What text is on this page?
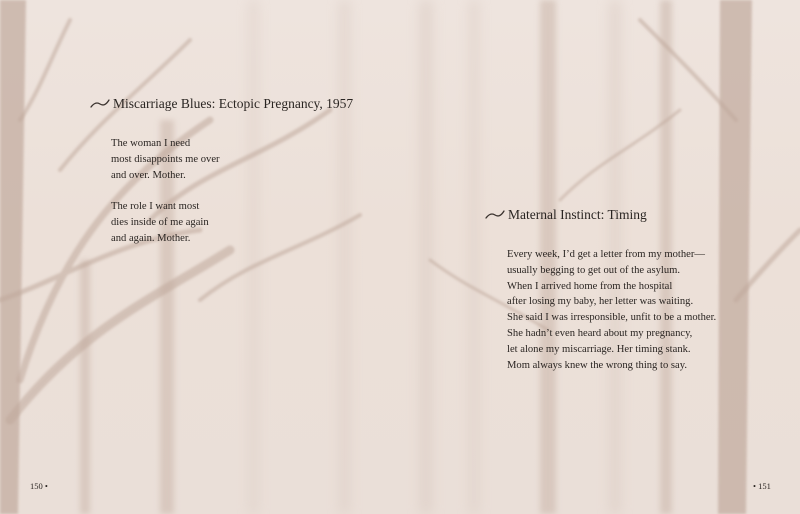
Miscarriage Blues: Ectopic Pregnancy, 1957

The woman I need
most disappoints me over
and over. Mother.

The role I want most
dies inside of me again
and again. Mother.

150 •
Maternal Instinct: Timing

Every week, I’d get a letter from my mother—
usually begging to get out of the asylum.
When I arrived home from the hospital
after losing my baby, her letter was waiting.
She said I was irresponsible, unfit to be a mother.
She hadn’t even heard about my pregnancy,
let alone my miscarriage. Her timing stank.
Mom always knew the wrong thing to say.

• 151
